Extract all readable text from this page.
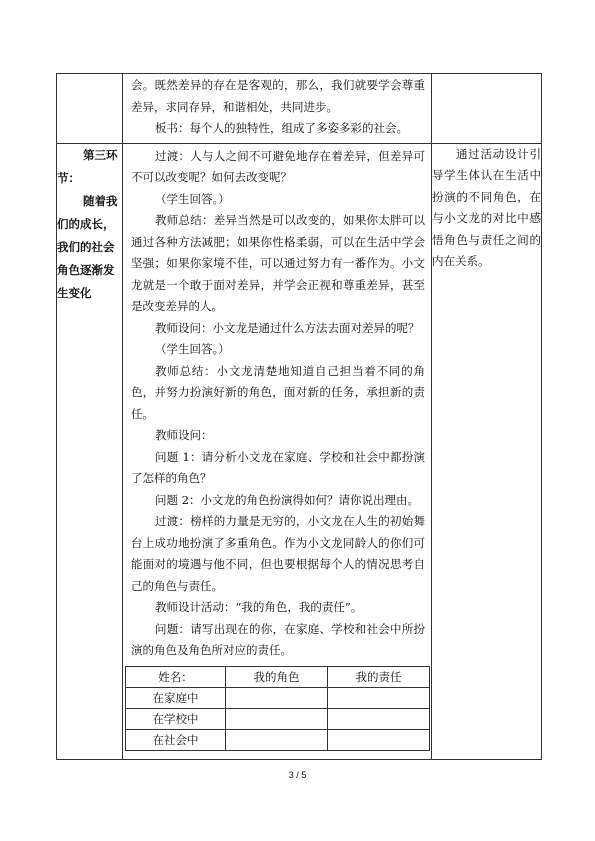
会。既然差异的存在是客观的，那么，我们就要学会尊重差异，求同存异，和谐相处，共同进步。

板书：每个人的独特性，组成了多姿多彩的社会。

第三环节：
随着我们的成长，我们的社会角色逐渐发生变化

过渡：人与人之间不可避免地存在着差异，但差异可不可以改变呢？如何去改变呢？

（学生回答。）

教师总结：差异当然是可以改变的，如果你太胖可以通过各种方法减肥；如果你性格柔弱，可以在生活中学会坚强；如果你家境不佳，可以通过努力有一番作为。小文龙就是一个敢于面对差异，并学会正视和尊重差异，甚至是改变差异的人。

教师设问：小文龙是通过什么方法去面对差异的呢？

（学生回答。）

教师总结：小文龙清楚地知道自己担当着不同的角色，并努力扮演好新的角色，面对新的任务，承担新的责任。

教师设问：

问题 1：请分析小文龙在家庭、学校和社会中都扮演了怎样的角色？

问题 2：小文龙的角色扮演得如何？请你说出理由。

过渡：榜样的力量是无穷的，小文龙在人生的初始舞台上成功地扮演了多重角色。作为小文龙同龄人的你们可能面对的境遇与他不同，但也要根据每个人的情况思考自己的角色与责任。

教师设计活动：“我的角色，我的责任”。

问题：请写出现在的你，在家庭、学校和社会中所扮演的角色及角色所对应的责任。

姓名：	我的角色	我的责任
在家庭中		
在学校中		
在社会中		
	通过活动设计引导学生体认在生活中扮演的不同角色，在与小文龙的对比中感悟角色与责任之间的内在关系。
3 / 5
